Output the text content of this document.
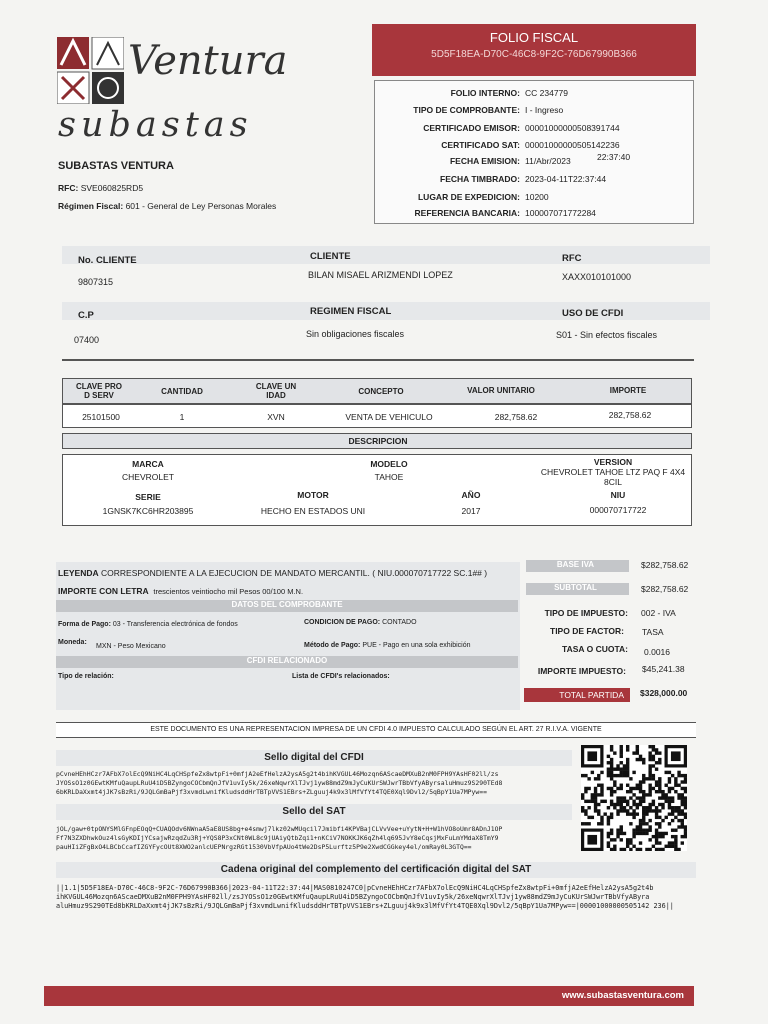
Ventura
subastas
SUBASTAS VENTURA
RFC: SVE060825RD5
Régimen Fiscal: 601 - General de Ley Personas Morales
FOLIO FISCAL
5D5F18EA-D70C-46C8-9F2C-76D67990B366
FOLIO INTERNO: CC 234779
TIPO DE COMPROBANTE: I - Ingreso
CERTIFICADO EMISOR: 00001000000508391744
CERTIFICADO SAT: 00001000000505142236
FECHA EMISION: 11/Abr/2023	22:37:40
FECHA TIMBRADO: 2023-04-11T22:37:44
LUGAR DE EXPEDICION: 10200
REFERENCIA BANCARIA: 100007071772284
No. CLIENTE
9807315
CLIENTE
BILAN MISAEL ARIZMENDI LOPEZ
RFC
XAXX010101000
C.P
07400
REGIMEN FISCAL
Sin obligaciones fiscales
USO DE CFDI
S01 - Sin efectos fiscales
CLAVE PRO
D SERV	CANTIDAD
CLAVE UN
IDAD	CONCEPTO	VALOR UNITARIO	IMPORTE
25101500	1	XVN	VENTA DE VEHICULO	282,758.62	282,758.62
DESCRIPCION
MARCA
CHEVROLET
MODELO
TAHOE
VERSION
CHEVROLET TAHOE LTZ PAQ F 4X4
8CIL
SERIE
1GNSK7KC6HR203895
MOTOR
HECHO EN ESTADOS UNI
AÑO
2017
NIU
000070717722
LEYENDA CORRESPONDIENTE A LA EJECUCION DE MANDATO MERCANTIL. ( NIU.000070717722 SC.1## )
IMPORTE CON LETRA trescientos veintiocho mil Pesos 00/100 M.N.
DATOS DEL COMPROBANTE
Forma de Pago: 03 - Transferencia electrónica de fondos	CONDICION DE PAGO: CONTADO
Moneda:
MXN - Peso Mexicano	Método de Pago: PUE - Pago en una sola exhibición
CFDI RELACIONADO
Tipo de relación:	Lista de CFDI's relacionados:
BASE IVA	$282,758.62
SUBTOTAL	$282,758.62
TIPO DE IMPUESTO: 002 - IVA
TIPO DE FACTOR: TASA
TASA O CUOTA: 0.0016
IMPORTE IMPUESTO: $45,241.38
TOTAL PARTIDA	$328,000.00
ESTE DOCUMENTO ES UNA REPRESENTACION IMPRESA DE UN CFDI 4.0 IMPUESTO CALCULADO SEGÚN EL ART. 27 R.I.V.A. VIGENTE
Sello digital del CFDI
pCvneHEhHCzr7AFbX7olEcQ9NiHC4LqCHSpfeZx8wtpFi+0mfjA2eEfHelzA2ysA5g2t4bihKVGUL46Mozqn6AScaeDMXuB2nM0FPH9YAsHF02ll/zs
JYOSsO1z0GEwtKMfuQaupLRuU4iD5BZyngoCOCbmQnJfV1uvIy5k/26xeNqwrXlTJvj1yw88mdZ9mJyCuKUrSWJwrTBbVfyAByrsaluHmuz9S290TEd8
6bKRLDaXxmt4jJK7sBzRi/9JQLGmBaPjf3xvmdLwnifKludsddHrTBTpVVS1EBrs+ZLguuj4k9x3lMfVfYt4TQE0Xql9Dvl2/5qBpY1Ua7MPyw==
Sello del SAT
jOL/gaw+0tpONYSMlGFnpEOqQ+CUAQOdv6NWnaA5aE8US8bg+e4smwj7lkz02wMUqcil7Jmibfi4KPVBajCLVvVee+uYytN+H+W1hVO8oUmr8ADnJ1OP
Ff7N3ZXDhwkOuz4lsGyKDIjYCsajwRzqdZu3Rj+YQS8P3xCNt0WL8c9jUAiyQtbZqi1+nKCiV7NOKKJK6qZh4lq695JvY8eCqsjMxFuLmYMdaX8TmY9
pauHIiZFgBxO4LBCbCcafIZGYFycOUt8XWO2anlcUEPNrgzRGt1530VbVfpAUo4tWe2DsP5Lurftz5P9e2XwdCGGkey4el/omRay0L3GTQ==
Cadena original del complemento del certificación digital del SAT
||1.1|5D5F18EA-D70C-46C8-9F2C-76D67990B366|2023-04-11T22:37:44|MAS0810247C0|pCvneHEhHCzr7AFbX7olEcQ9NiHC4LqCHSpfeZx8wtpFi+0mfjA2eEfHelzA2ysA5g2t4b
ihKVGUL46Mozqn6AScaeDMXuB2nM0FPH9YAsHF02ll/zsJYOSsO1z0GEwtKMfuQaupLRuU4iD5BZyngoCOCbmQnJfV1uvIy5k/26xeNqwrXlTJvj1yw88mdZ9mJyCuKUrSWJwrTBbVfyAByra
aluHmuz9S290TEd8bKRLDaXxmt4jJK7sBzRi/9JQLGmBaPjf3xvmdLwnifKludsddHrTBTpVVS1EBrs+ZLguuj4k9x3lMfVfYt4TQE0Xql9Dvl2/5qBpY1Ua7MPyw==|00001000000505142 236||
www.subastasventura.com
